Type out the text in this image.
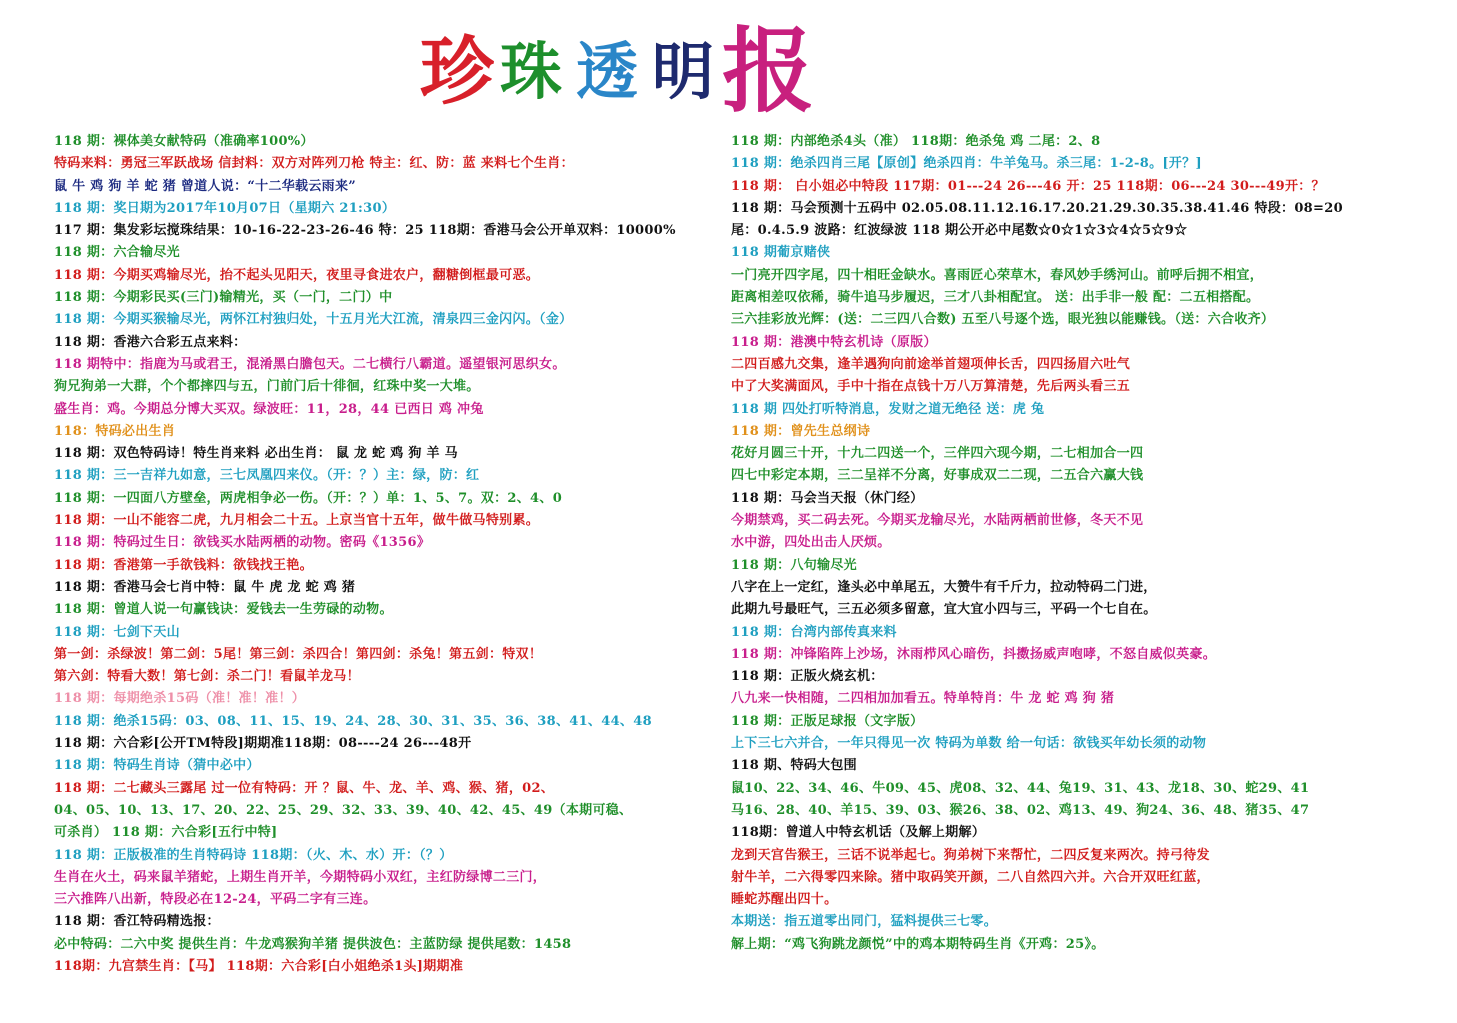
珍珠 透 明报
118 期：裸体美女献特码（准确率100%）
特码来料：勇冠三军跃战场 信封料：双方对阵列刀枪 特主：红、防：蓝 来料七个生肖：
鼠 牛 鸡 狗 羊 蛇 猪 曾道人说：“十二华载云雨来”
118 期：奖日期为2017年10月07日（星期六 21:30）
117 期：集发彩坛搅珠结果：10-16-22-23-26-46 特：25 118期：香港马会公开单双料：10000%
118 期：六合输尽光
118 期：今期买鸡输尽光，抬不起头见阳天，夜里寻食进农户，翻糖倒框最可恶。
118 期：今期彩民买(三门)输精光，买（一门，二门）中
118 期：今期买猴输尽光，两怀江村独归处，十五月光大江流，清泉四三金闪闪。（金）
118 期：香港六合彩五点来料：
118 期特中：指鹿为马或君王，混淆黑白膽包天。二七横行八霸道。遥望银河思织女。
狗兄狗弟一大群，个个都摔四与五，门前门后十徘徊，红珠中奖一大堆。
盛生肖：鸡。今期总分博大买双。绿波旺：11，28，44 已西日 鸡 冲兔
118：特码必出生肖
118 期：双色特码诗！特生肖来料 必出生肖： 鼠 龙 蛇 鸡 狗 羊 马
118 期：三一吉祥九如意，三七凤凰四来仪。（开：？）主：绿，防：红
118 期：一四面八方壁垒，两虎相争必一伤。（开：？）单：1、5、7。双：2、4、0
118 期：一山不能容二虎，九月相会二十五。上京当官十五年，做牛做马特别累。
118 期：特码过生日：欲钱买水陆两栖的动物。密码《1356》
118 期：香港第一手欲钱料：欲钱找王艳。
118 期：香港马会七肖中特：鼠 牛 虎 龙 蛇 鸡 猪
118 期：曾道人说一句赢钱诀：爱钱去一生劳碌的动物。
118 期：七剑下天山
第一剑：杀绿波！第二剑：5尾！第三剑：杀四合！第四剑：杀兔！第五剑：特双！
第六剑：特看大数！第七剑：杀二门！看鼠羊龙马！
118 期：每期绝杀15码（准！准！准！）
118 期：绝杀15码：03、08、11、15、19、24、28、30、31、35、36、38、41、44、48
118 期：六合彩[公开TM特段]期期准118期：08----24 26---48开
118 期：特码生肖诗（猜中必中）
118 期：二七藏头三露尾 过一位有特码：开 ？鼠、牛、龙、羊、鸡、猴、猪，02、
04、05、10、13、17、20、22、25、29、32、33、39、40、42、45、49（本期可稳、
可杀肖） 118 期：六合彩[五行中特]
118 期：正版极准的生肖特码诗 118期：（火、木、水）开：（？）
生肖在火土，码来鼠羊猪蛇，上期生肖开羊，今期特码小双红，主红防绿博二三门，
三六推阵八出新，特段必在12-24，平码二字有三连。
118 期：香江特码精选报：
必中特码：二六中奖 提供生肖：牛龙鸡猴狗羊猪 提供波色：主蓝防绿 提供尾数：1458
118期：九宫禁生肖：【马】 118期：六合彩[白小姐绝杀1头]期期准
118 期：内部绝杀4头（准） 118期：绝杀兔 鸡 二尾：2、8
118 期：绝杀四肖三尾【原创】绝杀四肖：牛羊兔马。杀三尾：1-2-8。[开？]
118 期： 白小姐必中特段 117期：01---24 26---46 开：25 118期：06---24 30---49开：？
118 期：马会预测十五码中 02.05.08.11.12.16.17.20.21.29.30.35.38.41.46 特段：08=20
尾：0.4.5.9 波路：红波绿波 118 期公开必中尾数☆0☆1☆3☆4☆5☆9☆
118 期葡京赌侠
一门亮开四字尾，四十相旺金缺水。喜雨匠心荣草木，春风妙手绣河山。前呼后拥不相宜，
距离相差叹依稀，骑牛追马步履迟，三才八卦相配宜。 送：出手非一般 配：二五相搭配。
三六挂彩放光辉：(送：二三四八合数) 五至八号逐个选，眼光独以能赚钱。（送：六合收齐）
118 期：港澳中特玄机诗（原版）
二四百感九交集，逢羊遇狗向前途举首翅项伸长舌，四四扬眉六吐气
中了大奖满面风，手中十指在点钱十万八万算清楚，先后两头看三五
118 期 四处打听特消息，发财之道无绝径 送：虎 兔
118 期：曾先生总纲诗
花好月圆三十开，十九二四送一个，三伴四六现今期，二七相加合一四
四七中彩定本期，三二呈祥不分离，好事成双二二现，二五合六赢大钱
118 期：马会当天报（休门经）
今期禁鸡，买二码去死。今期买龙输尽光，水陆两栖前世修，冬天不见
水中游，四处出击人厌烦。
118 期：八句输尽光
八字在上一定红，逢头必中单尾五，大赞牛有千斤力，拉动特码二门进，
此期九号最旺气，三五必须多留意，宜大宜小四与三，平码一个七自在。
118 期：台湾内部传真来料
118 期：冲锋陷阵上沙场，沐雨栉风心暗伤，抖擞扬威声咆哮，不怒自威似英豪。
118 期：正版火烧玄机：
八九来一快相随，二四相加加看五。特单特肖：牛 龙 蛇 鸡 狗 猪
118 期：正版足球报（文字版）
上下三七六并合，一年只得见一次 特码为单数 给一句话：欲钱买年幼长须的动物
118 期、特码大包围
鼠10、22、34、46、牛09、45、虎08、32、44、兔19、31、43、龙18、30、蛇29、41
马16、28、40、羊15、39、03、猴26、38、02、鸡13、49、狗24、36、48、猪35、47
118期：曾道人中特玄机话（及解上期解）
龙到天宫告猴王，三话不说举起七。狗弟树下来帮忙，二四反复来两次。持弓待发
射牛羊，二六得零四来除。猪中取码笑开颜，二八自然四六并。六合开双旺红蓝，
睡蛇苏醒出四十。
本期送：指五道零出同门，猛料提供三七零。
解上期：“鸡飞狗跳龙颜悦”中的鸡本期特码生肖《开鸡：25》。
